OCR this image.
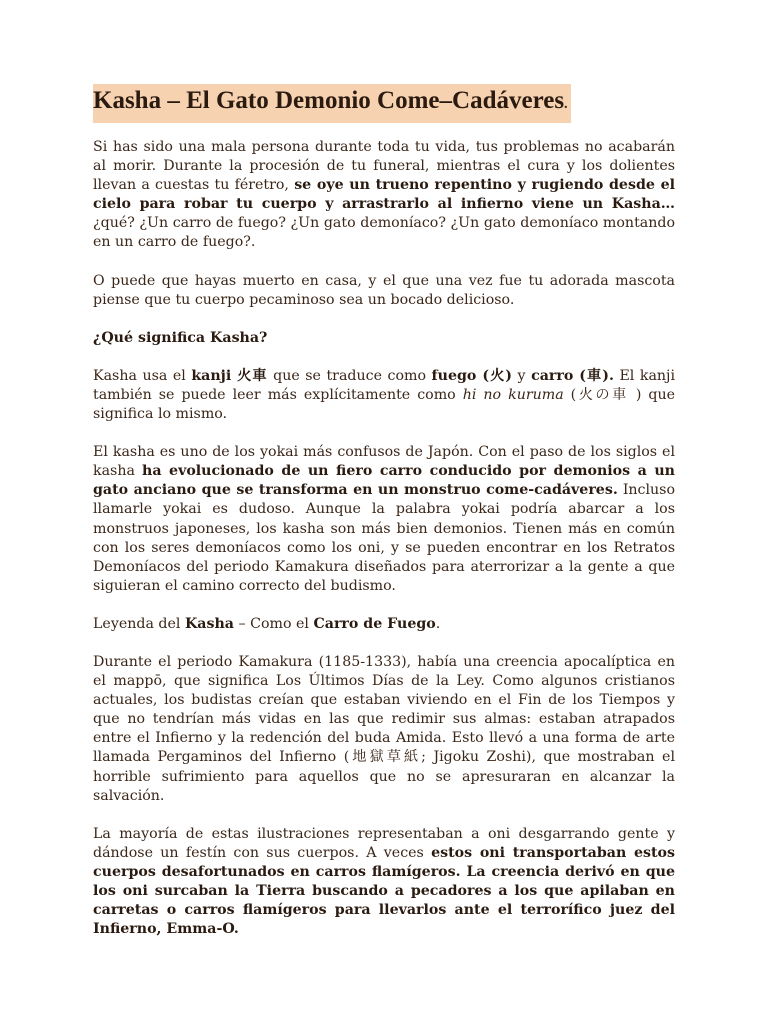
Kasha – El Gato Demonio Come–Cadáveres.

Si has sido una mala persona durante toda tu vida, tus problemas no acabarán al morir. Durante la procesión de tu funeral, mientras el cura y los dolientes llevan a cuestas tu féretro, se oye un trueno repentino y rugiendo desde el cielo para robar tu cuerpo y arrastrarlo al infierno viene un Kasha… ¿qué? ¿Un carro de fuego? ¿Un gato demoníaco? ¿Un gato demoníaco montando en un carro de fuego?.

O puede que hayas muerto en casa, y el que una vez fue tu adorada mascota piense que tu cuerpo pecaminoso sea un bocado delicioso.

¿Qué significa Kasha?

Kasha usa el kanji 火車 que se traduce como fuego (火) y carro (車). El kanji también se puede leer más explícitamente como hi no kuruma (火の車 ) que significa lo mismo.

El kasha es uno de los yokai más confusos de Japón. Con el paso de los siglos el kasha ha evolucionado de un fiero carro conducido por demonios a un gato anciano que se transforma en un monstruo come-cadáveres. Incluso llamarle yokai es dudoso. Aunque la palabra yokai podría abarcar a los monstruos japoneses, los kasha son más bien demonios. Tienen más en común con los seres demoníacos como los oni, y se pueden encontrar en los Retratos Demoníacos del periodo Kamakura diseñados para aterrorizar a la gente a que siguieran el camino correcto del budismo.

Leyenda del Kasha – Como el Carro de Fuego.

Durante el periodo Kamakura (1185-1333), había una creencia apocalíptica en el mappō, que significa Los Últimos Días de la Ley. Como algunos cristianos actuales, los budistas creían que estaban viviendo en el Fin de los Tiempos y que no tendrían más vidas en las que redimir sus almas: estaban atrapados entre el Infierno y la redención del buda Amida. Esto llevó a una forma de arte llamada Pergaminos del Infierno (地獄草紙; Jigoku Zoshi), que mostraban el horrible sufrimiento para aquellos que no se apresuraran en alcanzar la salvación.

La mayoría de estas ilustraciones representaban a oni desgarrando gente y dándose un festín con sus cuerpos. A veces estos oni transportaban estos cuerpos desafortunados en carros flamígeros. La creencia derivó en que los oni surcaban la Tierra buscando a pecadores a los que apilaban en carretas o carros flamígeros para llevarlos ante el terrorífico juez del Infierno, Emma-O.
